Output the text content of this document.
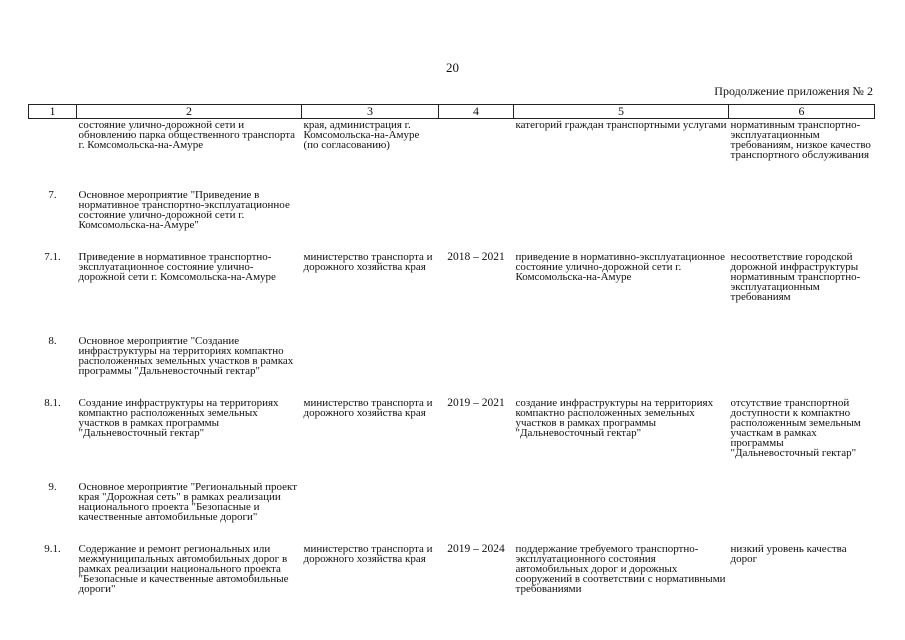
20
Продолжение приложения № 2
1	2	3	4	5	6
	состояние улично-дорожной сети и обновлению парка общественного транспорта г. Комсомольска-на-Амуре	края, администрация г. Комсомольска-на-Амуре (по согласованию)		категорий граждан транспортными услугами	нормативным транспортно-эксплуатационным требованиям, низкое качество транспортного обслуживания
7.	Основное мероприятие "Приведение в нормативное транспортно-эксплуатационное состояние улично-дорожной сети г. Комсомольска-на-Амуре"				
7.1.	Приведение в нормативное транспортно-эксплуатационное состояние улично-дорожной сети г. Комсомольска-на-Амуре	министерство транспорта и дорожного хозяйства края	2018 – 2021	приведение в нормативно-эксплуатационное состояние улично-дорожной сети г. Комсомольска-на-Амуре	несоответствие городской дорожной инфраструктуры нормативным транспортно-эксплуатационным требованиям
8.	Основное мероприятие "Создание инфраструктуры на территориях компактно расположенных земельных участков в рамках программы "Дальневосточный гектар"				
8.1.	Создание инфраструктуры на территориях компактно расположенных земельных участков в рамках программы "Дальневосточный гектар"	министерство транспорта и дорожного хозяйства края	2019 – 2021	создание инфраструктуры на территориях компактно расположенных земельных участков в рамках программы "Дальневосточный гектар"	отсутствие транспортной доступности к компактно расположенным земельным участкам в рамках программы "Дальневосточный гектар"
9.	Основное мероприятие "Региональный проект края "Дорожная сеть" в рамках реализации национального проекта "Безопасные и качественные автомобильные дороги"				
9.1.	Содержание и ремонт региональных или межмуниципальных автомобильных дорог в рамках реализации национального проекта "Безопасные и качественные автомобильные дороги"	министерство транспорта и дорожного хозяйства края	2019 – 2024	поддержание требуемого транспортно-эксплуатационного состояния автомобильных дорог и дорожных сооружений в соответствии с нормативными требованиями	низкий уровень качества дорог
